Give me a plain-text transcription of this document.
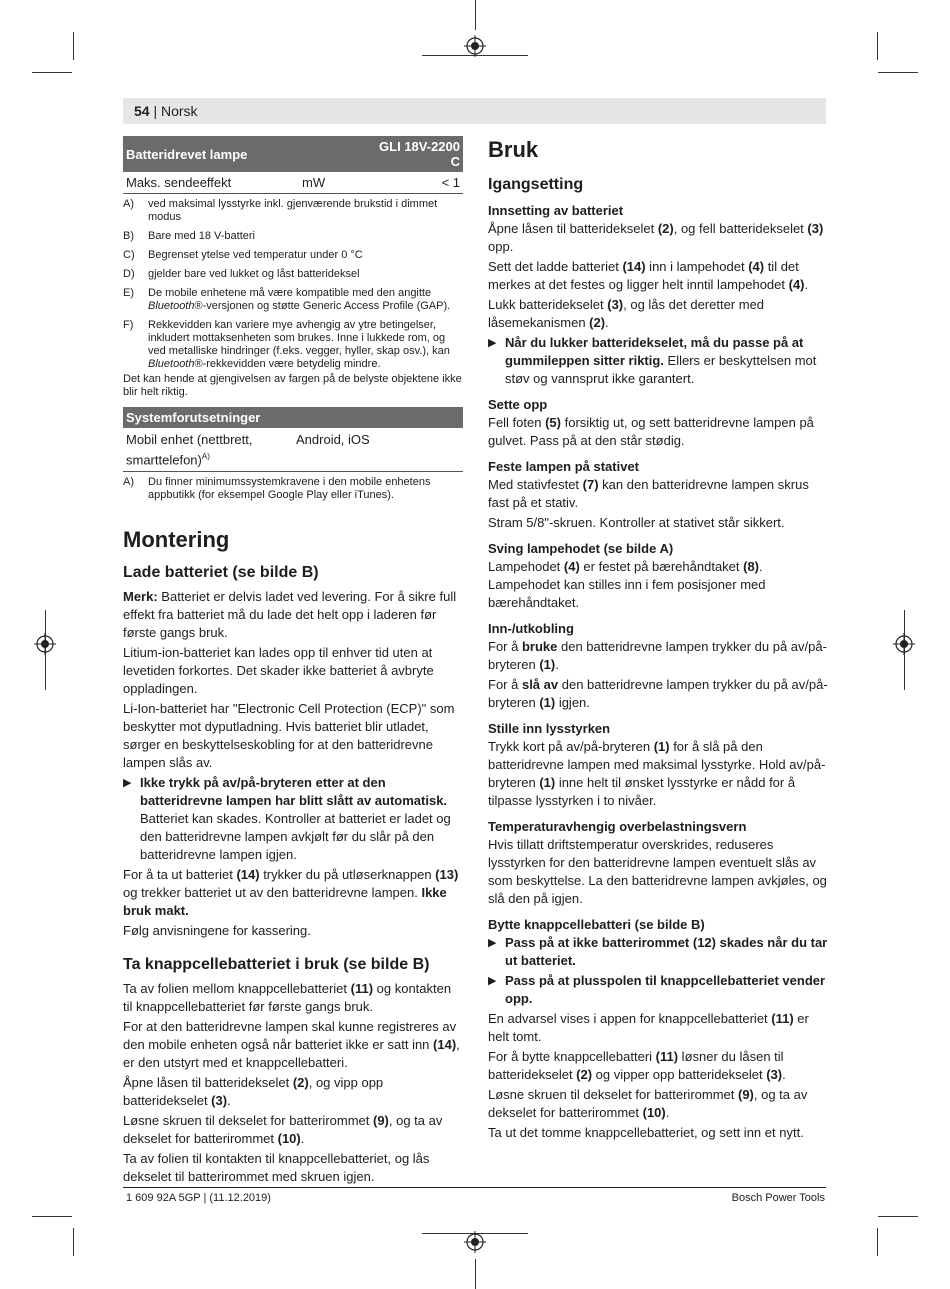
54 | Norsk
Batteridrevet lampe		GLI 18V-2200 C
Maks. sendeeffekt	mW	< 1
A)	ved maksimal lysstyrke inkl. gjenværende brukstid i dimmet modus
B)	Bare med 18 V-batteri
C)	Begrenset ytelse ved temperatur under 0 °C
D)	gjelder bare ved lukket og låst batterideksel
E)	De mobile enhetene må være kompatible med den angitte Bluetooth®-versjonen og støtte Generic Access Profile (GAP).
F)	Rekkevidden kan variere mye avhengig av ytre betingelser, inkludert mottaksenheten som brukes. Inne i lukkede rom, og ved metalliske hindringer (f.eks. vegger, hyller, skap osv.), kan Bluetooth®-rekkevidden være betydelig mindre.

Det kan hende at gjengivelsen av fargen på de belyste objektene ikke blir helt riktig.

Systemforutsetninger
Mobil enhet (nettbrett, smarttelefon)$^{A)}$	Android, iOS
A)	Du finner minimumssystemkravene i den mobile enhetens appbutikk (for eksempel Google Play eller iTunes).
Montering
Lade batteriet (se bilde B)

Merk: Batteriet er delvis ladet ved levering. For å sikre full effekt fra batteriet må du lade det helt opp i laderen før første gangs bruk.

Litium-ion-batteriet kan lades opp til enhver tid uten at levetiden forkortes. Det skader ikke batteriet å avbryte oppladingen.

Li-Ion-batteriet har "Electronic Cell Protection (ECP)" som beskytter mot dyputladning. Hvis batteriet blir utladet, sørger en beskyttelseskobling for at den batteridrevne lampen slås av.

▶ Ikke trykk på av/på-bryteren etter at den batteridrevne lampen har blitt slått av automatisk. Batteriet kan skades. Kontroller at batteriet er ladet og den batteridrevne lampen avkjølt før du slår på den batteridrevne lampen igjen.

For å ta ut batteriet (14) trykker du på utløserknappen (13) og trekker batteriet ut av den batteridrevne lampen. Ikke bruk makt.

Følg anvisningene for kassering.

Ta knappcellebatteriet i bruk (se bilde B)

Ta av folien mellom knappcellebatteriet (11) og kontakten til knappcellebatteriet før første gangs bruk.

For at den batteridrevne lampen skal kunne registreres av den mobile enheten også når batteriet ikke er satt inn (14), er den utstyrt med et knappcellebatteri.

Åpne låsen til batteridekselet (2), og vipp opp batteridekselet (3).

Løsne skruen til dekselet for batterirommet (9), og ta av dekselet for batterirommet (10).

Ta av folien til kontakten til knappcellebatteriet, og lås dekselet til batterirommet med skruen igjen.

Bruk
Igangsetting
Innsetting av batteriet

Åpne låsen til batteridekselet (2), og fell batteridekselet (3) opp.

Sett det ladde batteriet (14) inn i lampehodet (4) til det merkes at det festes og ligger helt inntil lampehodet (4).

Lukk batteridekselet (3), og lås det deretter med låsemekanismen (2).

▶ Når du lukker batteridekselet, må du passe på at gummileppen sitter riktig. Ellers er beskyttelsen mot støv og vannsprut ikke garantert.
Sette opp

Fell foten (5) forsiktig ut, og sett batteridrevne lampen på gulvet. Pass på at den står stødig.

Feste lampen på stativet

Med stativfestet (7) kan den batteridrevne lampen skrus fast på et stativ.

Stram 5/8"-skruen. Kontroller at stativet står sikkert.

Sving lampehodet (se bilde A)

Lampehodet (4) er festet på bærehåndtaket (8). Lampehodet kan stilles inn i fem posisjoner med bærehåndtaket.

Inn-/utkobling

For å bruke den batteridrevne lampen trykker du på av/på-bryteren (1).

For å slå av den batteridrevne lampen trykker du på av/på-bryteren (1) igjen.

Stille inn lysstyrken

Trykk kort på av/på-bryteren (1) for å slå på den batteridrevne lampen med maksimal lysstyrke. Hold av/på-bryteren (1) inne helt til ønsket lysstyrke er nådd for å tilpasse lysstyrken i to nivåer.

Temperaturavhengig overbelastningsvern

Hvis tillatt driftstemperatur overskrides, reduseres lysstyrken for den batteridrevne lampen eventuelt slås av som beskyttelse. La den batteridrevne lampen avkjøles, og slå den på igjen.

Bytte knappcellebatteri (se bilde B)
▶ Pass på at ikke batterirommet (12) skades når du tar ut batteriet.
▶ Pass på at plusspolen til knappcellebatteriet vender opp.

En advarsel vises i appen for knappcellebatteriet (11) er helt tomt.

For å bytte knappcellebatteri (11) løsner du låsen til batteridekselet (2) og vipper opp batteridekselet (3).

Løsne skruen til dekselet for batterirommet (9), og ta av dekselet for batterirommet (10).

Ta ut det tomme knappcellebatteriet, og sett inn et nytt.

1 609 92A 5GP | (11.12.2019)	Bosch Power Tools
